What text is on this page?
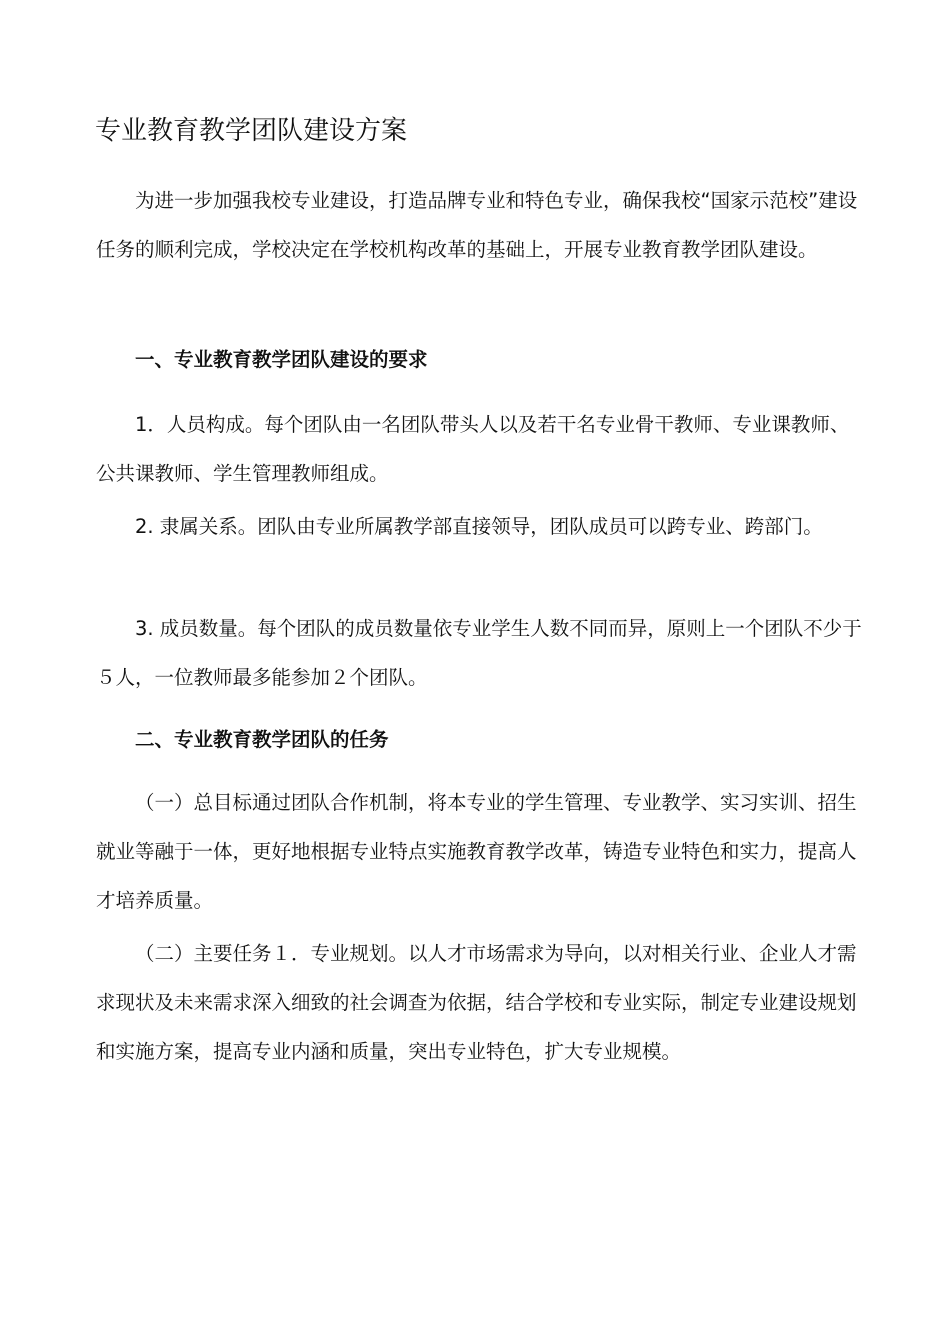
专业教育教学团队建设方案

为进一步加强我校专业建设，打造品牌专业和特色专业，确保我校“国家示范校”建设任务的顺利完成，学校决定在学校机构改革的基础上，开展专业教育教学团队建设。

一、专业教育教学团队建设的要求

1．人员构成。每个团队由一名团队带头人以及若干名专业骨干教师、专业课教师、公共课教师、学生管理教师组成。

2. 隶属关系。团队由专业所属教学部直接领导，团队成员可以跨专业、跨部门。

3. 成员数量。每个团队的成员数量依专业学生人数不同而异，原则上一个团队不少于５人，一位教师最多能参加２个团队。

二、专业教育教学团队的任务

（一）总目标通过团队合作机制，将本专业的学生管理、专业教学、实习实训、招生就业等融于一体，更好地根据专业特点实施教育教学改革，铸造专业特色和实力，提高人才培养质量。

（二）主要任务１．专业规划。以人才市场需求为导向，以对相关行业、企业人才需求现状及未来需求深入细致的社会调查为依据，结合学校和专业实际，制定专业建设规划和实施方案，提高专业内涵和质量，突出专业特色，扩大专业规模。
